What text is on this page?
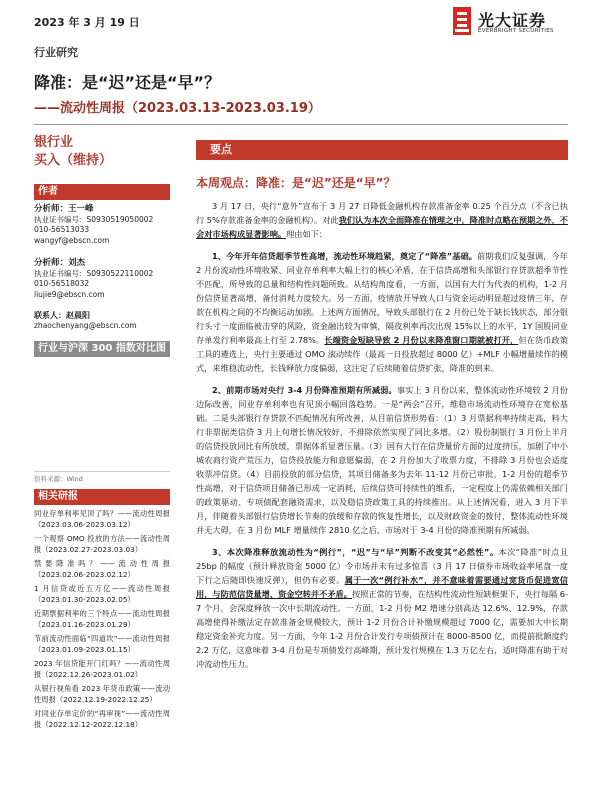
2023 年 3 月 19 日	光大证券
EVERBRIGHT SECURITIES
行业研究
降准：是“迟”还是“早”？
——流动性周报（2023.03.13-2023.03.19）
银行业
买入（维持）
作者
分析师：王一峰
执业证书编号：S0930519050002
010-56513033
wangyf@ebscn.com
分析师：刘杰
执业证书编号：S0930522110002
010-56518032
liujie9@ebscn.com
联系人：赵晨阳
zhaochenyang@ebscn.com
行业与沪深 300 指数对比图
资料来源：Wind
相关研报
同业存单利率见顶了吗？——流动性周报（2023.03.06-2023.03.12）
一个观察 OMO 投放的方法——流动性周报（2023.02.27-2023.03.03）
禁要降准吗？——流动性周报（2023.02.06-2023.02.12）
1 月信贷或近五万亿——流动性周报（2023.01.30-2023.02.05）
近期票据利率的三个特点——流动性周报（2023.01.16-2023.01.29）
节前流动性面临“四道坎”——流动性周报（2023.01.09-2023.01.15）
2023 年信贷能开门红吗？——流动性周报（2022.12.26-2023.01.02）
从银行视角看 2023 年货币政策——流动性周报（2022.12.19-2022.12.25）
对同业存单定价的“再审视”——流动性周报（2022.12.12-2022.12.18）
要点
本周观点：降准：是“迟”还是“早”？
3 月 17 日，央行“意外”宣布于 3 月 27 日降低金融机构存款准备金率 0.25 个百分点（不含已执行 5%存款准备金率的金融机构）。对此我们认为本次全面降准在情理之中，降准时点略在预期之外，不会对市场构成显著影响。理由如下：
1、今年开年信贷超季节性高增，流动性环境趋紧，奠定了“降准”基础。前期我们反复强调，今年 2 月份流动性环境收紧、同业存单利率大幅上行的核心矛盾，在于信贷高增和头部银行存贷款超季节性不匹配，所导致的总量和结构性问题所致。从结构角度看，一方面，以国有大行为代表的机构，1-2 月份信贷显著高增，备付消耗力度较大。另一方面，疫情放开导致人口与资金运动明显超过疫情三年，存款在机构之间的不均衡运动加剧。上述两方面情况，导致头部银行在 2 月份已处于缺长钱状态，部分银行头寸一度面临被击穿的风险，资金融出较为审慎，隔夜利率再次出现 15%以上的水平，1Y 国股同业存单发行利率最高上行至 2.78%。长端资金短缺导致 2 月份以来降准窗口期就被打开，但在货币政策工具的遴选上，央行主要通过 OMO 滚动续作（最高一日投放超过 8000 亿）+MLF 小幅增量续作的模式，来维稳流动性，长钱释放力度偏弱，这注定了后续随着信贷扩张，降准的到来。
2、前期市场对央行 3-4 月份降准预期有所减弱。事实上 3 月份以来，整体流动性环境较 2 月份边际改善，同业存单利率也有见顶小幅回落趋势。一是“两会”召开，维稳市场流动性环境存在宽松基础。二是头部银行存贷款不匹配情况有所改善，从目前信贷形势看：（1）3 月票据利率持续走高，料大行非票据类信贷 3 月上旬增长情况较好，不排除依然实现了同比多增。（2）股份制银行 3 月份上半月的信贷投放同比有所放缓，票据体系显著压量。（3）国有大行在信贷量价方面的过度挤压，加剧了中小城农商行资产荒压力，信贷投放能力和意愿偏弱，在 2 月份加大了收票力度，不排除 3 月份也会适度收票冲信贷。（4）目前投放的部分信贷，其项目储备多为去年 11-12 月份已审批，1-2 月份的超季节性高增，对于信贷项目储备已形成一定消耗，后续信贷可持续性的维系，一定程度上仍需依赖相关部门的政策驱动、专项债配套融资需求，以及稳信贷政策工具的持续推出。从上述情况看，进入 3 月下半月，伴随着头部银行信贷增长节奏的放缓和存款的恢复性增长，以及财政资金的拨付，整体流动性环境并无大碍，在 3 月份 MLF 增量续作 2810 亿之后，市场对于 3-4 月份的降准预期有所减弱。
3、本次降准释放流动性为“例行”，“迟”与“早”判断不改变其“必然性”。本次“降准”时点且 25bp 的幅度（预计释放资金 5000 亿）令市场并未有过多惊喜（3 月 17 日债券市场收益率尾盘一度下行之后随即快速反弹），但仍有必要。属于一次“例行补水”，并不意味着需要通过宽货币促进宽信用，与防范信贷量增、资金空转并不矛盾。按照正常的节奏，在结构性流动性短缺框架下，央行每隔 6-7 个月，会深度释放一次中长期流动性。一方面，1-2 月份 M2 增速分别高达 12.6%、12.9%，存款高增使得补缴法定存款准备金规模较大，预计 1-2 月份合计补缴规模超过 7000 亿，需要加大中长期稳定资金补充力度。另一方面，今年 1-2 月份合计发行专项债预计在 8000-8500 亿，而提前批额度约 2.2 万亿，这意味着 3-4 月份是专项债发行高峰期，预计发行规模在 1.3 万亿左右，适时降准有助于对冲流动性压力。
